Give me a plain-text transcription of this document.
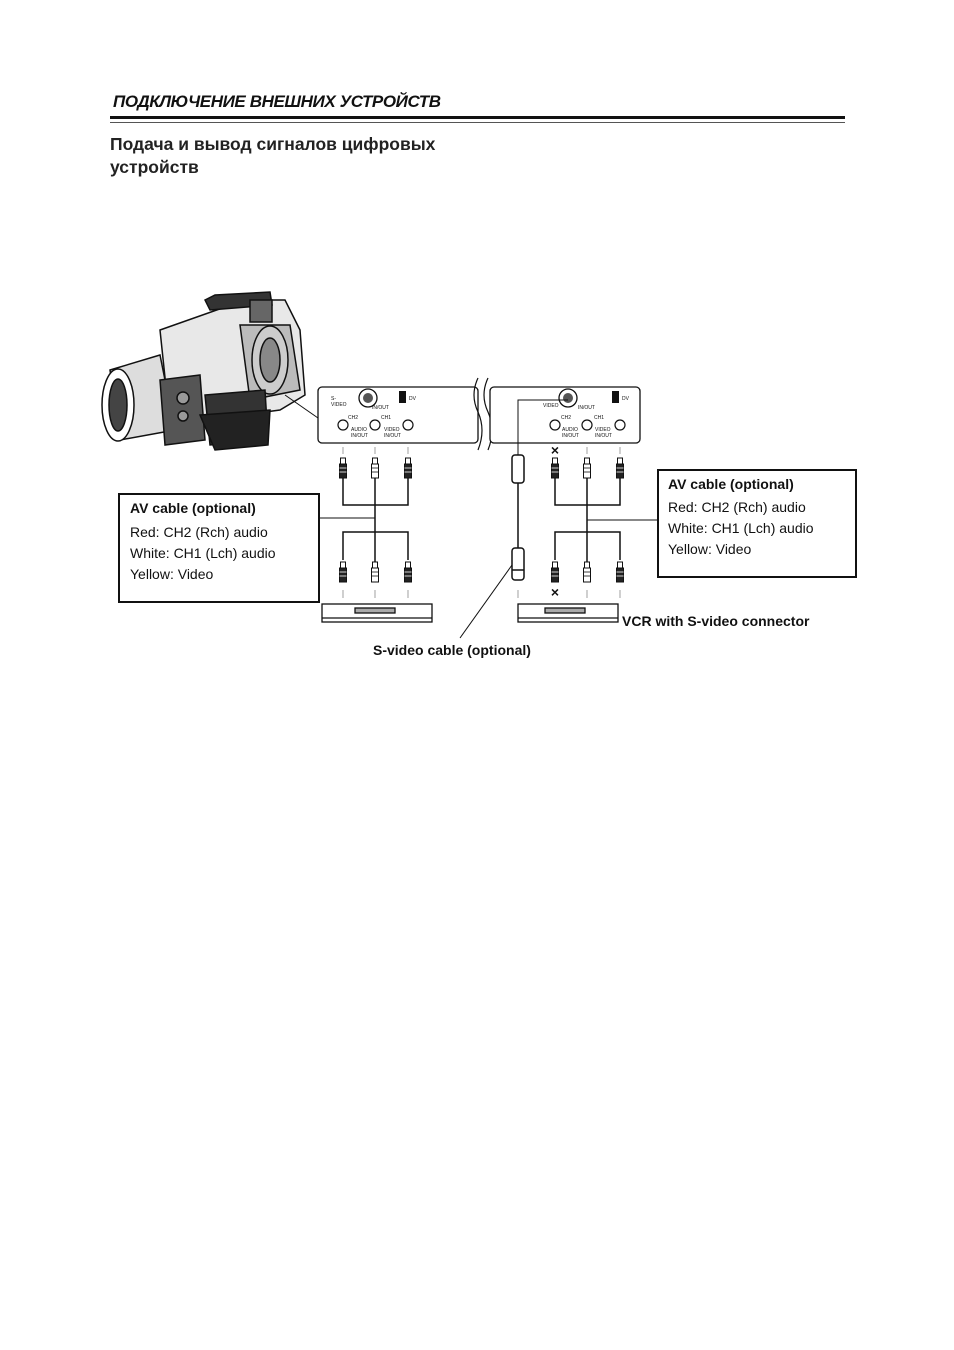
ПОДКЛЮЧЕНИЕ ВНЕШНИХ УСТРОЙСТВ
Подача и вывод сигналов цифровых
устройств
S-
VIDEO	IN/OUT
DV
CH2	CH1
AUDIO
IN/OUT
VIDEO
IN/OUT
VIDEO	IN/OUT
DV
CH2	CH1
AUDIO
IN/OUT
VIDEO
IN/OUT
×
×
AV cable (optional)
Red: CH2 (Rch) audio
White: CH1 (Lch) audio
Yellow: Video
AV cable (optional)
Red: CH2 (Rch) audio
White: CH1 (Lch) audio
Yellow: Video
VCR with S-video connector
S-video cable (optional)
